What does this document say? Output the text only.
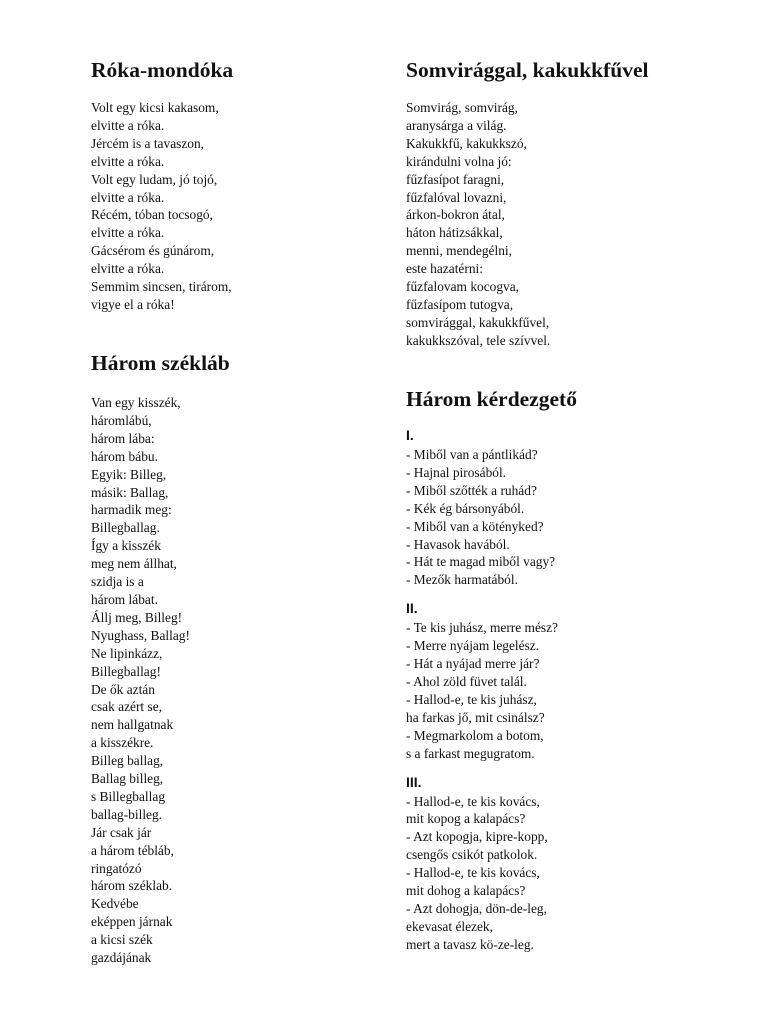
Róka-mondóka
Volt egy kicsi kakasom,
elvitte a róka.
Jércém is a tavaszon,
elvitte a róka.
Volt egy ludam, jó tojó,
elvitte a róka.
Récém, tóban tocsogó,
elvitte a róka.
Gácsérom és gúnárom,
elvitte a róka.
Semmim sincsen, tirárom,
vigye el a róka!
Három székláb
Van egy kisszék,
háromlábú,
három lába:
három bábu.
Egyik: Billeg,
másik: Ballag,
harmadik meg:
Billegballag.
Így a kisszék
meg nem állhat,
szidja is a
három lábat.
Állj meg, Billeg!
Nyughass, Ballag!
Ne lipinkázz,
Billegballag!
De ők aztán
csak azért se,
nem hallgatnak
a kisszékre.
Billeg ballag,
Ballag billeg,
s Billegballag
ballag-billeg.
Jár csak jár
a három tébláb,
ringatózó
három széklab.
Kedvébe
eképpen járnak
a kicsi szék
gazdájának
Somvirággal, kakukkfűvel
Somvirág, somvirág,
aranysárga a világ.
Kakukkfű, kakukkszó,
kirándulni volna jó:
fűzfasípot faragni,
fűzfalóval lovazni,
árkon-bokron átal,
háton hátizsákkal,
menni, mendegélni,
este hazatérni:
fűzfalovam kocogva,
fűzfasípom tutogva,
somvirággal, kakukkfűvel,
kakukkszóval, tele szívvel.
Három kérdezgető
I.
- Miből van a pántlikád?
- Hajnal pirosából.
- Miből szőtték a ruhád?
- Kék ég bársonyából.
- Miből van a kötényked?
- Havasok havából.
- Hát te magad miből vagy?
- Mezők harmatából.
II.
- Te kis juhász, merre mész?
- Merre nyájam legelész.
- Hát a nyájad merre jár?
- Ahol zöld füvet talál.
- Hallod-e, te kis juhász,
ha farkas jő, mit csinálsz?
- Megmarkolom a botom,
s a farkast megugratom.
III.
- Hallod-e, te kis kovács,
mit kopog a kalapács?
- Azt kopogja, kipre-kopp,
csengős csikót patkolok.
- Hallod-e, te kis kovács,
mit dohog a kalapács?
- Azt dohogja, dön-de-leg,
ekevasat élezek,
mert a tavasz kö-ze-leg.
